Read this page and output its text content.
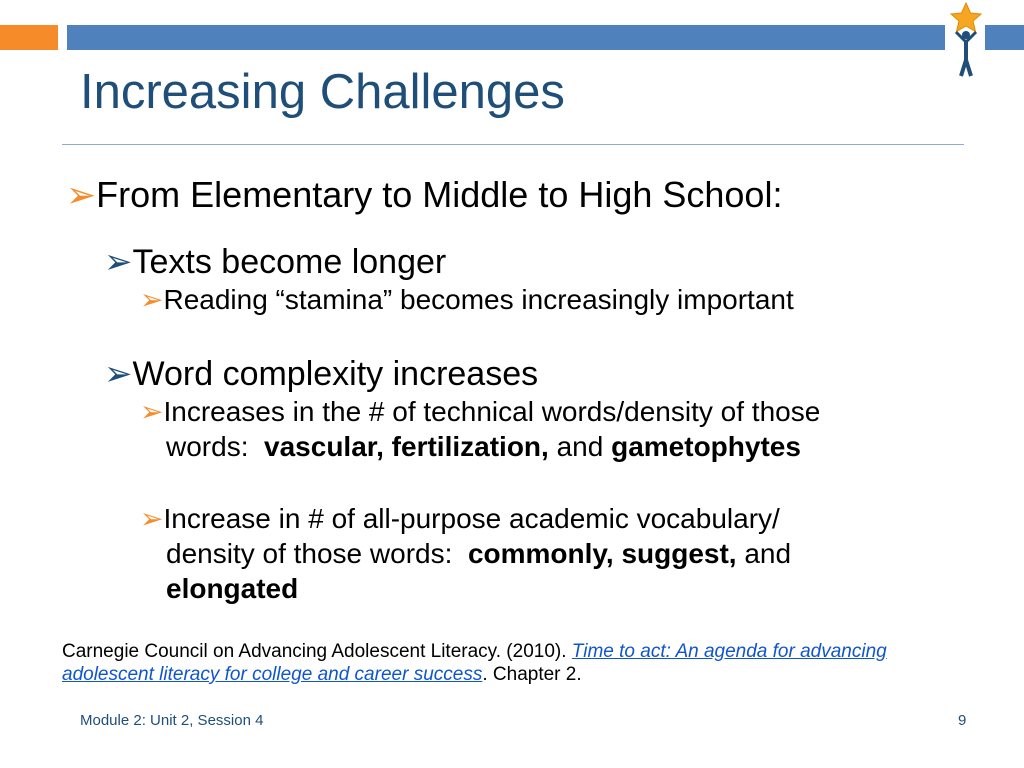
Increasing Challenges
➢From Elementary to Middle to High School:
➢Texts become longer
➢Reading “stamina” becomes increasingly important
➢Word complexity increases
➢Increases in the # of technical words/density of those
words:  vascular, fertilization, and gametophytes
➢Increase in # of all-purpose academic vocabulary/
density of those words:  commonly, suggest, and
elongated
Carnegie Council on Advancing Adolescent Literacy. (2010). Time to act: An agenda for advancing adolescent literacy for college and career success. Chapter 2.
Module 2: Unit 2, Session 4	9
